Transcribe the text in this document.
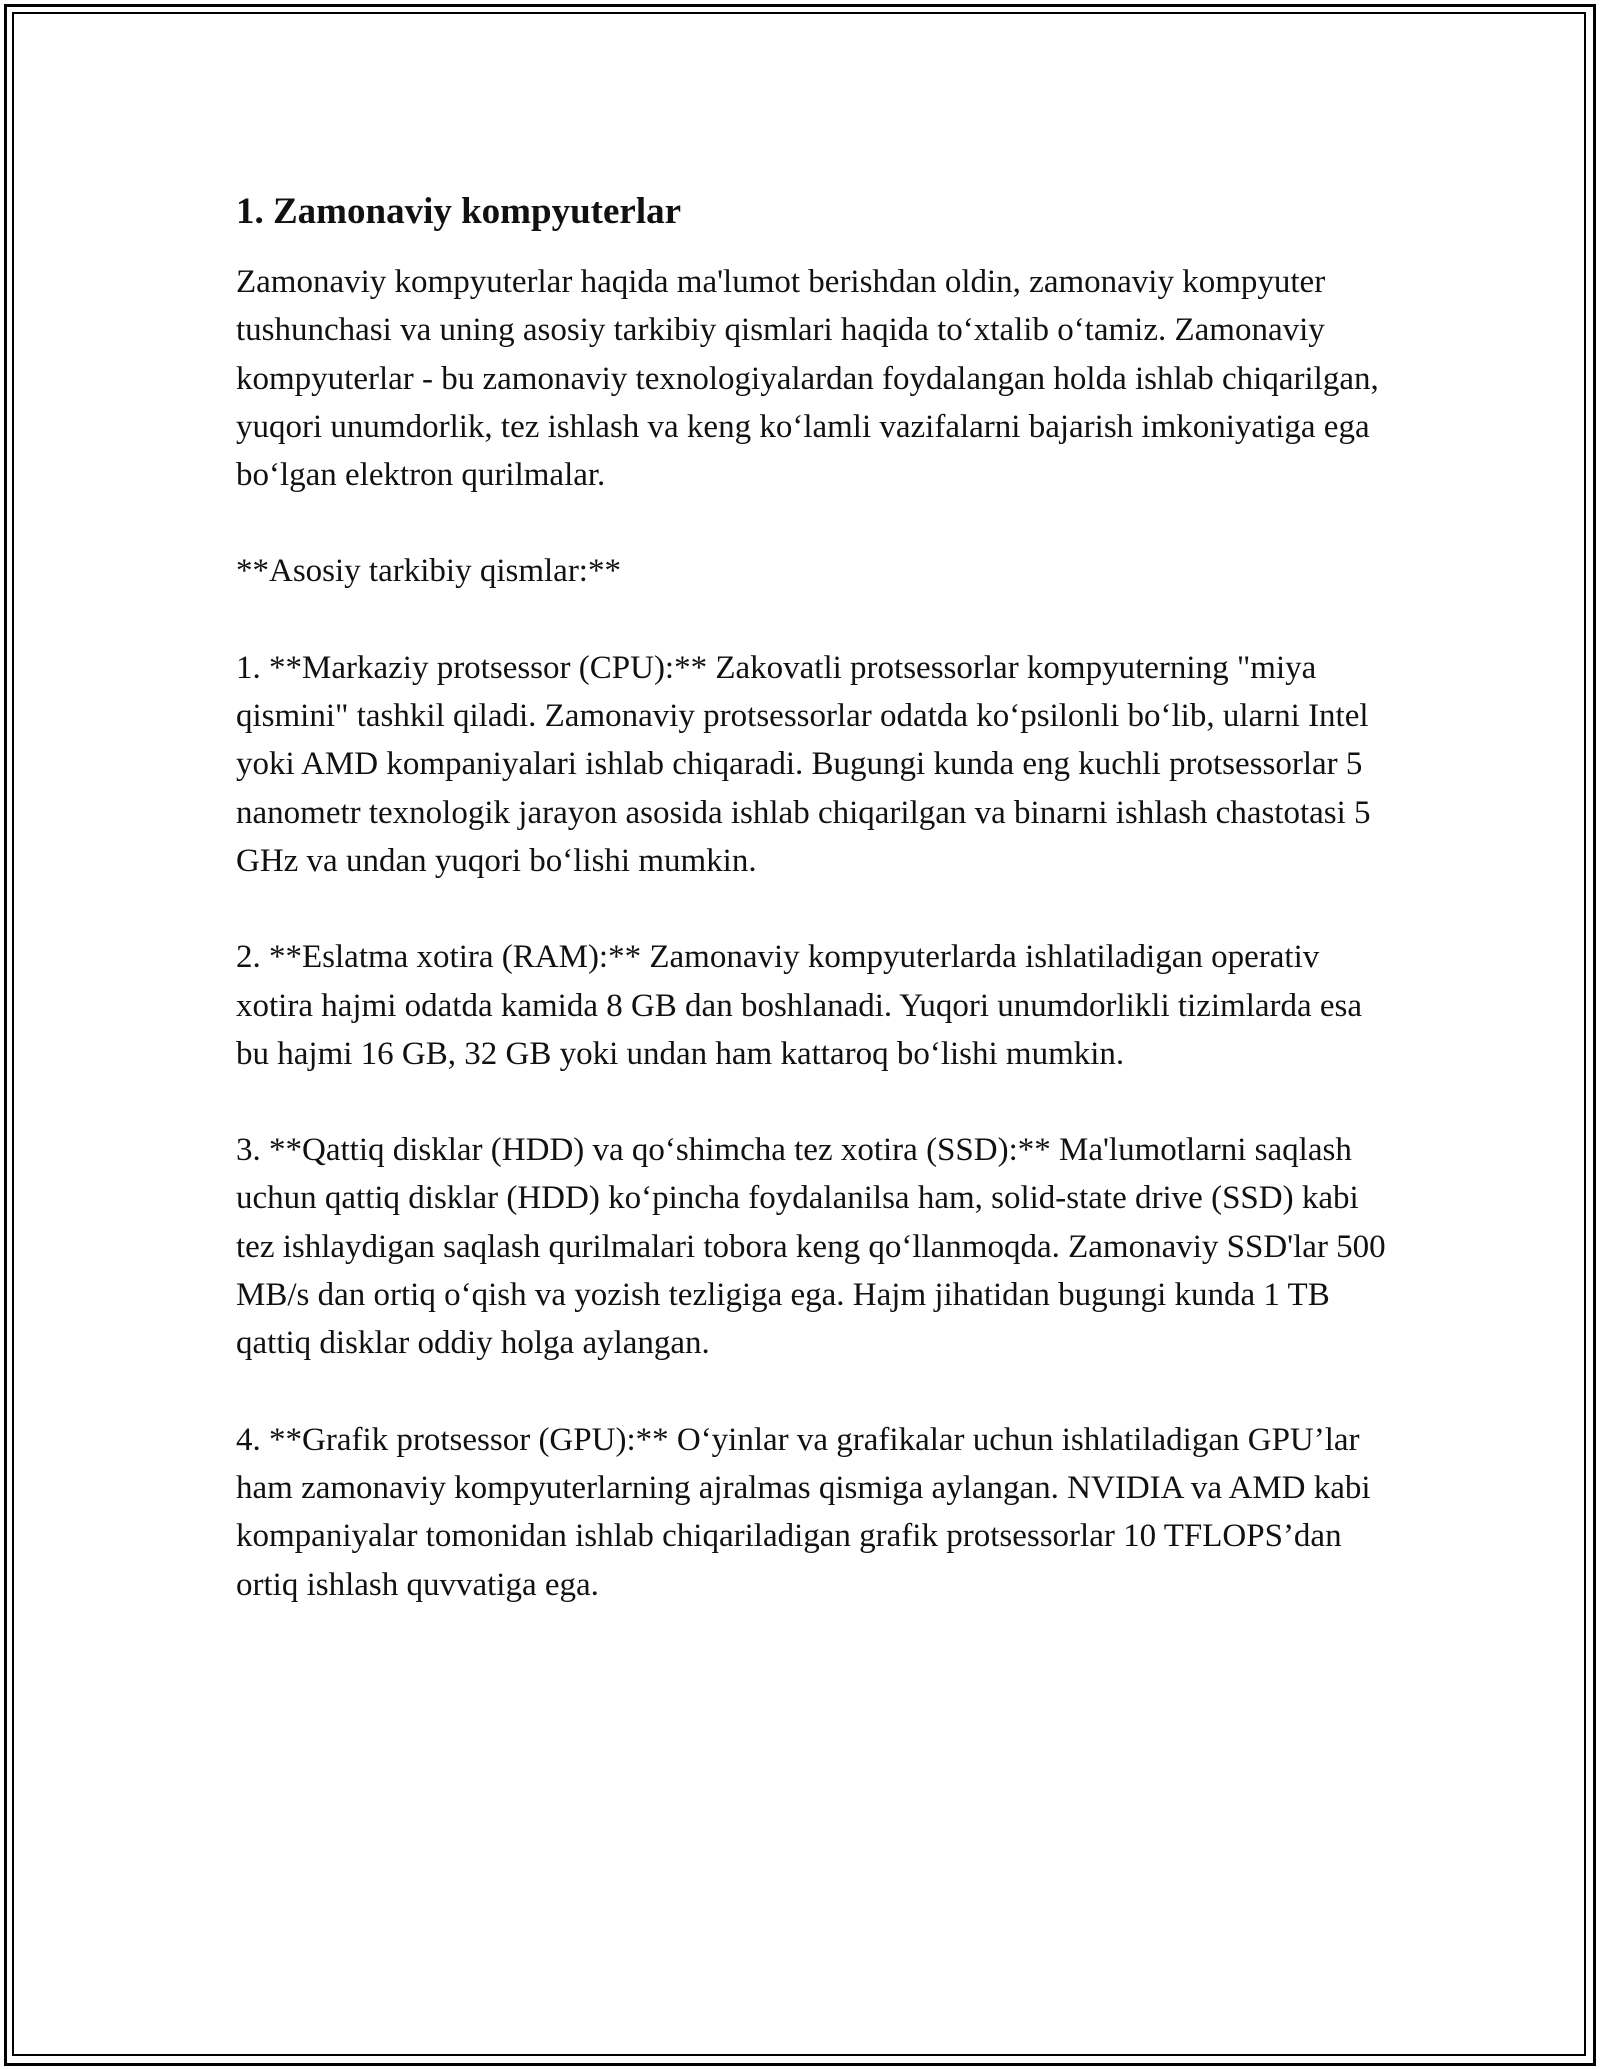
1. Zamonaviy kompyuterlar

Zamonaviy kompyuterlar haqida ma'lumot berishdan oldin, zamonaviy kompyuter tushunchasi va uning asosiy tarkibiy qismlari haqida to‘xtalib o‘tamiz. Zamonaviy kompyuterlar - bu zamonaviy texnologiyalardan foydalangan holda ishlab chiqarilgan, yuqori unumdorlik, tez ishlash va keng ko‘lamli vazifalarni bajarish imkoniyatiga ega bo‘lgan elektron qurilmalar.

**Asosiy tarkibiy qismlar:**

1. **Markaziy protsessor (CPU):** Zakovatli protsessorlar kompyuterning "miya qismini" tashkil qiladi. Zamonaviy protsessorlar odatda ko‘psilonli bo‘lib, ularni Intel yoki AMD kompaniyalari ishlab chiqaradi. Bugungi kunda eng kuchli protsessorlar 5 nanometr texnologik jarayon asosida ishlab chiqarilgan va binarni ishlash chastotasi 5 GHz va undan yuqori bo‘lishi mumkin.

2. **Eslatma xotira (RAM):** Zamonaviy kompyuterlarda ishlatiladigan operativ xotira hajmi odatda kamida 8 GB dan boshlanadi. Yuqori unumdorlikli tizimlarda esa bu hajmi 16 GB, 32 GB yoki undan ham kattaroq bo‘lishi mumkin.

3. **Qattiq disklar (HDD) va qo‘shimcha tez xotira (SSD):** Ma'lumotlarni saqlash uchun qattiq disklar (HDD) ko‘pincha foydalanilsa ham, solid-state drive (SSD) kabi tez ishlaydigan saqlash qurilmalari tobora keng qo‘llanmoqda. Zamonaviy SSD'lar 500 MB/s dan ortiq o‘qish va yozish tezligiga ega. Hajm jihatidan bugungi kunda 1 TB qattiq disklar oddiy holga aylangan.

4. **Grafik protsessor (GPU):** O‘yinlar va grafikalar uchun ishlatiladigan GPU’lar ham zamonaviy kompyuterlarning ajralmas qismiga aylangan. NVIDIA va AMD kabi kompaniyalar tomonidan ishlab chiqariladigan grafik protsessorlar 10 TFLOPS’dan ortiq ishlash quvvatiga ega.
